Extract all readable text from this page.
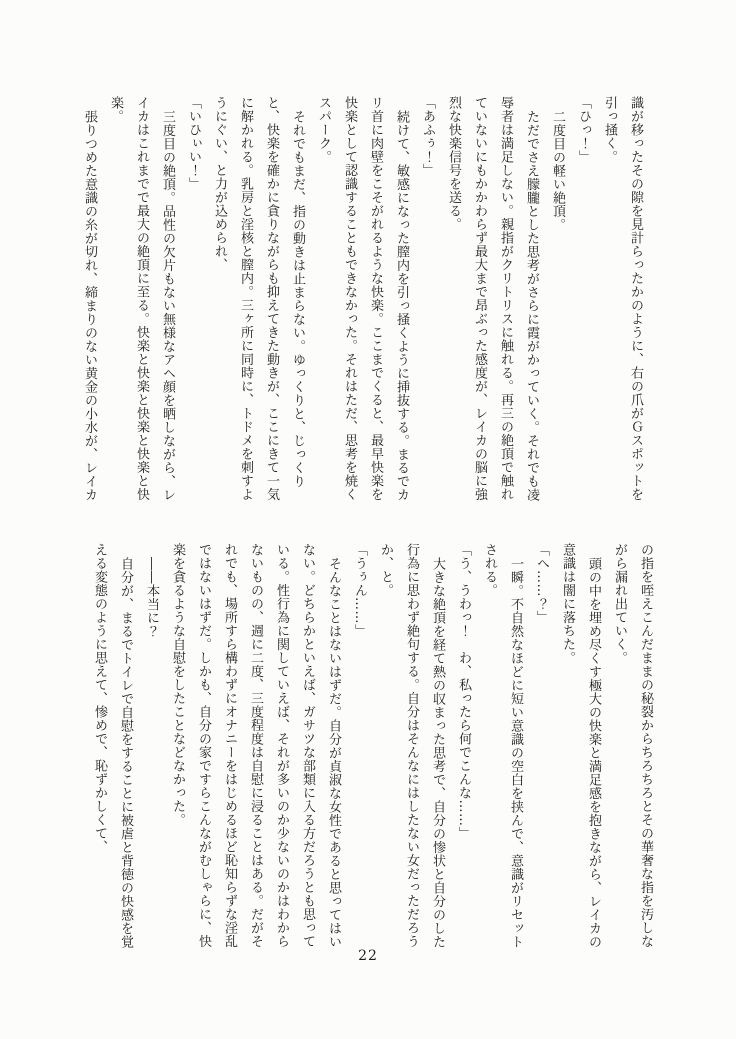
識が移ったその隙を見計らったかのように、右の爪がＧスポットを

引っ掻く。

「ひっ！」

二度目の軽い絶頂。

ただでさえ朦朧とした思考がさらに霞がかっていく。それでも凌

辱者は満足しない。親指がクリトリスに触れる。再三の絶頂で触れ

ていないにもかかわらず最大まで昂ぶった感度が、レイカの脳に強

烈な快楽信号を送る。

「あふぅ！」

続けて、敏感になった膣内を引っ掻くように挿抜する。まるでカ

リ首に肉壁をこそがれるような快楽。ここまでくると、最早快楽を

快楽として認識することもできなかった。それはただ、思考を焼く

スパーク。

それでもまだ、指の動きは止まらない。ゆっくりと、じっくり

と、快楽を確かに貪りながらも抑えてきた動きが、ここにきて一気

に解かれる。乳房と淫核と膣内。三ヶ所に同時に、トドメを刺すよ

うにぐい、と力が込められ、

「いひぃい！」

三度目の絶頂。品性の欠片もない無様なアヘ顔を晒しながら、レ

イカはこれまでで最大の絶頂に至る。快楽と快楽と快楽と快楽と快

楽。

張りつめた意識の糸が切れ、締まりのない黄金の小水が、レイカ

の指を咥えこんだままの秘裂からちろちろとその華奢な指を汚しな

がら漏れ出ていく。

頭の中を埋め尽くす極大の快楽と満足感を抱きながら、レイカの

意識は闇に落ちた。

「へ……？」

一瞬。不自然なほどに短い意識の空白を挟んで、意識がリセット

される。

「う、うわっ！　わ、私ったら何でこんな……」

大きな絶頂を経て熱の収まった思考で、自分の惨状と自分のした

行為に思わず絶句する。自分はそんなにはしたない女だっただろう

か、と。

「うぅん……」

そんなことはないはずだ。自分が貞淑な女性であると思ってはい

ない。どちらかといえば、ガサツな部類に入る方だろうとも思って

いる。性行為に関していえば、それが多いのか少ないのかはわから

ないものの、週に二度、三度程度は自慰に浸ることはある。だがそ

れでも、場所すら構わずにオナニーをはじめるほど恥知らずな淫乱

ではないはずだ。しかも、自分の家ですらこんながむしゃらに、快

楽を貪るような自慰をしたことなどなかった。

――本当に？

自分が、まるでトイレで自慰をすることに被虐と背徳の快感を覚

える変態のように思えて、惨めで、恥ずかしくて、

22
